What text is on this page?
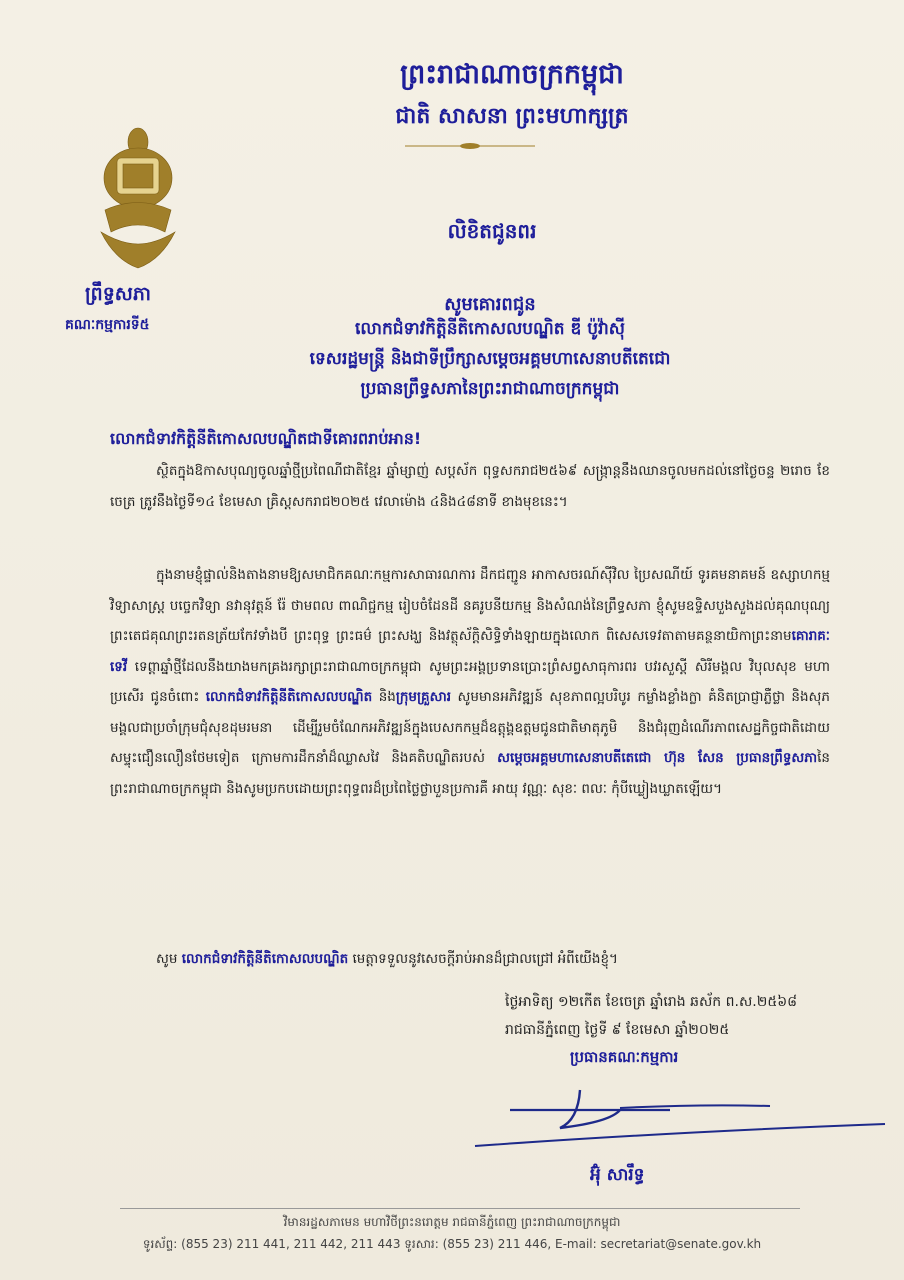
ព្រះរាជាណាចក្រកម្ពុជា
ជាតិ សាសនា ព្រះមហាក្សត្រ
ព្រឹទ្ធសភា
គណៈកម្មការទី៥
លិខិតជូនពរ
សូមគោរពជូន
លោកជំទាវកិត្តិនីតិកោសលបណ្ឌិត ឌី ប៉ូវ៉ាស៊ី
ទេសរដ្ឋមន្ត្រី និងជាទីប្រឹក្សាសម្តេចអគ្គមហាសេនាបតីតេជោ
ប្រធានព្រឹទ្ធសភានៃព្រះរាជាណាចក្រកម្ពុជា
លោកជំទាវកិត្តិនីតិកោសលបណ្ឌិតជាទីគោរពរាប់អាន!
ស្ថិតក្នុងឱកាសបុណ្យចូលឆ្នាំថ្មីប្រពៃណីជាតិខ្មែរ ឆ្នាំម្សាញ់ សប្តស័ក ពុទ្ធសករាជ២៥៦៩ សង្ក្រាន្តនឹងឈានចូលមកដល់នៅថ្ងៃចន្ទ ២រោច ខែចេត្រ ត្រូវនឹងថ្ងៃទី១៤ ខែមេសា គ្រិស្តសករាជ២០២៥ វេលាម៉ោង ៤និង៤៨នាទី ខាងមុខនេះ។
ក្នុងនាមខ្ញុំផ្ទាល់និងតាងនាមឱ្យសមាជិកគណៈកម្មការសាធារណការ ដឹកជញ្ជូន អាកាសចរណ៍ស៊ីវិល ប្រៃសណីយ៍ ទូរគមនាគមន៍ ឧស្សាហកម្ម វិទ្យាសាស្ត្រ បច្ចេកវិទ្យា នវានុវត្តន៍ រ៉ែ ថាមពល ពាណិជ្ជកម្ម រៀបចំដែនដី នគរូបនីយកម្ម និងសំណង់នៃព្រឹទ្ធសភា ខ្ញុំសូមឧទ្ទិសបួងសួងដល់គុណបុណ្យព្រះតេជគុណព្រះរតនត្រ័យកែវទាំងបី ព្រះពុទ្ធ ព្រះធម៌ ព្រះសង្ឃ និងវត្ថុស័ក្តិសិទ្ធិទាំងឡាយក្នុងលោក ពិសេសទេវតាតាមគន្ថនាយិកាព្រះនាមគោរាគៈទេវី ទេព្តាឆ្នាំថ្មីដែលនឹងយាងមកគ្រងរក្សាព្រះរាជាណាចក្រកម្ពុជា សូមព្រះអង្គប្រទានប្រោះព្រំសព្វសាធុការពរ បវរសួស្តី សិរីមង្គល វិបុលសុខ មហាប្រសើរ ជូនចំពោះ លោកជំទាវកិត្តិនីតិកោសលបណ្ឌិត និងក្រុមគ្រួសារ សូមមានអភិវឌ្ឍន៍ សុខភាពល្អបរិបូរ កម្លាំងខ្លាំងក្លា គំនិតប្រាជ្ញាភ្លឺថ្លា និងសុភមង្គលជាប្រចាំក្រុមជុំសុខដុមរមនា ដើម្បីរួមចំណែកអភិវឌ្ឍន៍ក្នុងបេសកកម្មដ៏ឧត្តុង្គឧត្តមជូនជាតិមាតុភូមិ និងជំរុញដំណើរភាពសេដ្ឋកិច្ចជាតិដោយសម្ទុះជឿនលឿនថែមទៀត ក្រោមការដឹកនាំដ៏ឈ្លាសវៃ និងគតិបណ្ឌិតរបស់ សម្តេចអគ្គមហាសេនាបតីតេជោ ហ៊ុន សែន ប្រធានព្រឹទ្ធសភានៃព្រះរាជាណាចក្រកម្ពុជា និងសូមប្រកបដោយព្រះពុទ្ធពរដ៏ប្រពៃថ្លៃថ្លាបួនប្រការគឺ អាយុ វណ្ណៈ សុខៈ ពលៈ កុំបីឃ្លៀងឃ្លាតឡើយ។
សូម លោកជំទាវកិត្តិនីតិកោសលបណ្ឌិត មេត្តាទទួលនូវសេចក្តីរាប់អានដ៏ជ្រាលជ្រៅ អំពីយើងខ្ញុំ។
ថ្ងៃអាទិត្យ ១២កើត ខែចេត្រ ឆ្នាំរោង ឆស័ក ព.ស.២៥៦៨
រាជធានីភ្នំពេញ ថ្ងៃទី ៩ ខែមេសា ឆ្នាំ២០២៥
ប្រធានគណៈកម្មការ
អ៊ុំ សារឹទ្ធ
វិមានរដ្ឋសភាមេន មហាវិថីព្រះនរោត្តម រាជធានីភ្នំពេញ ព្រះរាជាណាចក្រកម្ពុជា
ទូរស័ព្ទ: (855 23) 211 441, 211 442, 211 443 ទូរសារ: (855 23) 211 446, E-mail: secretariat@senate.gov.kh
